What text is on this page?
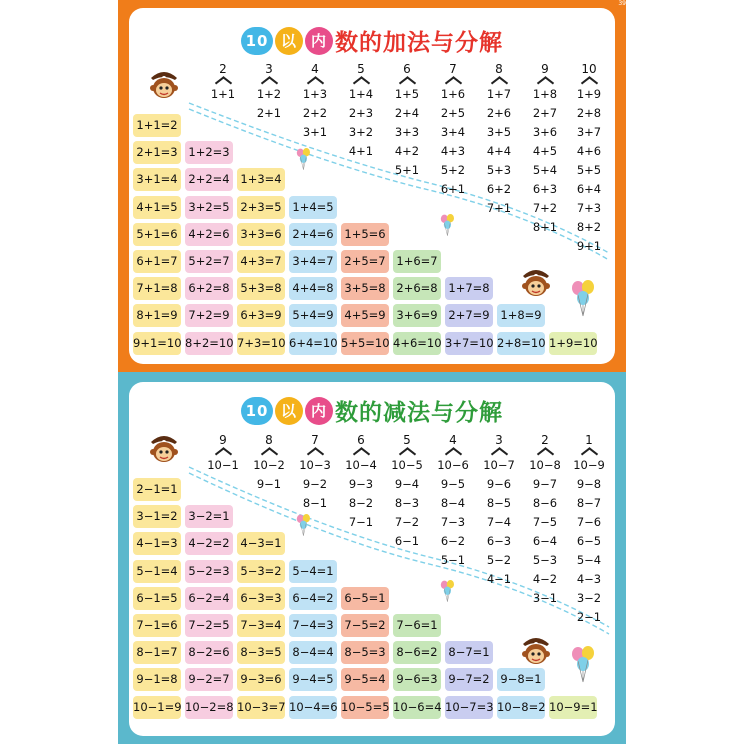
39
10 以 内 数的加法与分解
2
1+1
3
1+2
2+1
4
1+3
2+2
3+1
5
1+4
2+3
3+2
4+1
6
1+5
2+4
3+3
4+2
5+1
7
1+6
2+5
3+4
4+3
5+2
6+1
8
1+7
2+6
3+5
4+4
5+3
6+2
7+1
9
1+8
2+7
3+6
4+5
5+4
6+3
7+2
8+1
10
1+9
2+8
3+7
4+6
5+5
6+4
7+3
8+2
9+1
1+1=2
2+1=3
3+1=4
4+1=5
5+1=6
6+1=7
7+1=8
8+1=9
9+1=10
1+2=3
2+2=4
3+2=5
4+2=6
5+2=7
6+2=8
7+2=9
8+2=10
1+3=4
2+3=5
3+3=6
4+3=7
5+3=8
6+3=9
7+3=10
1+4=5
2+4=6
3+4=7
4+4=8
5+4=9
6+4=10
1+5=6
2+5=7
3+5=8
4+5=9
5+5=10
1+6=7
2+6=8
3+6=9
4+6=10
1+7=8
2+7=9
3+7=10
1+8=9
2+8=10 1+9=10
10 以 内 数的减法与分解
9
10−1
8
10−2
9−1
7
10−3
9−2
8−1
6
10−4
9−3
8−2
7−1
5
10−5
9−4
8−3
7−2
6−1
4
10−6
9−5
8−4
7−3
6−2
5−1
3
10−7
9−6
8−5
7−4
6−3
5−2
4−1
2
10−8
9−7
8−6
7−5
6−4
5−3
4−2
3−1
1
10−9
9−8
8−7
7−6
6−5
5−4
4−3
3−2
2−1
2−1=1
3−1=2
4−1=3
5−1=4
6−1=5
7−1=6
8−1=7
9−1=8
10−1=9
3−2=1
4−2=2
5−2=3
6−2=4
7−2=5
8−2=6
9−2=7
10−2=8
4−3=1
5−3=2
6−3=3
7−3=4
8−3=5
9−3=6
10−3=7
5−4=1
6−4=2
7−4=3
8−4=4
9−4=5
10−4=6
6−5=1
7−5=2
8−5=3
9−5=4
10−5=5
7−6=1
8−6=2
9−6=3
10−6=4
8−7=1
9−7=2
10−7=3
9−8=1
10−8=2 10−9=1
